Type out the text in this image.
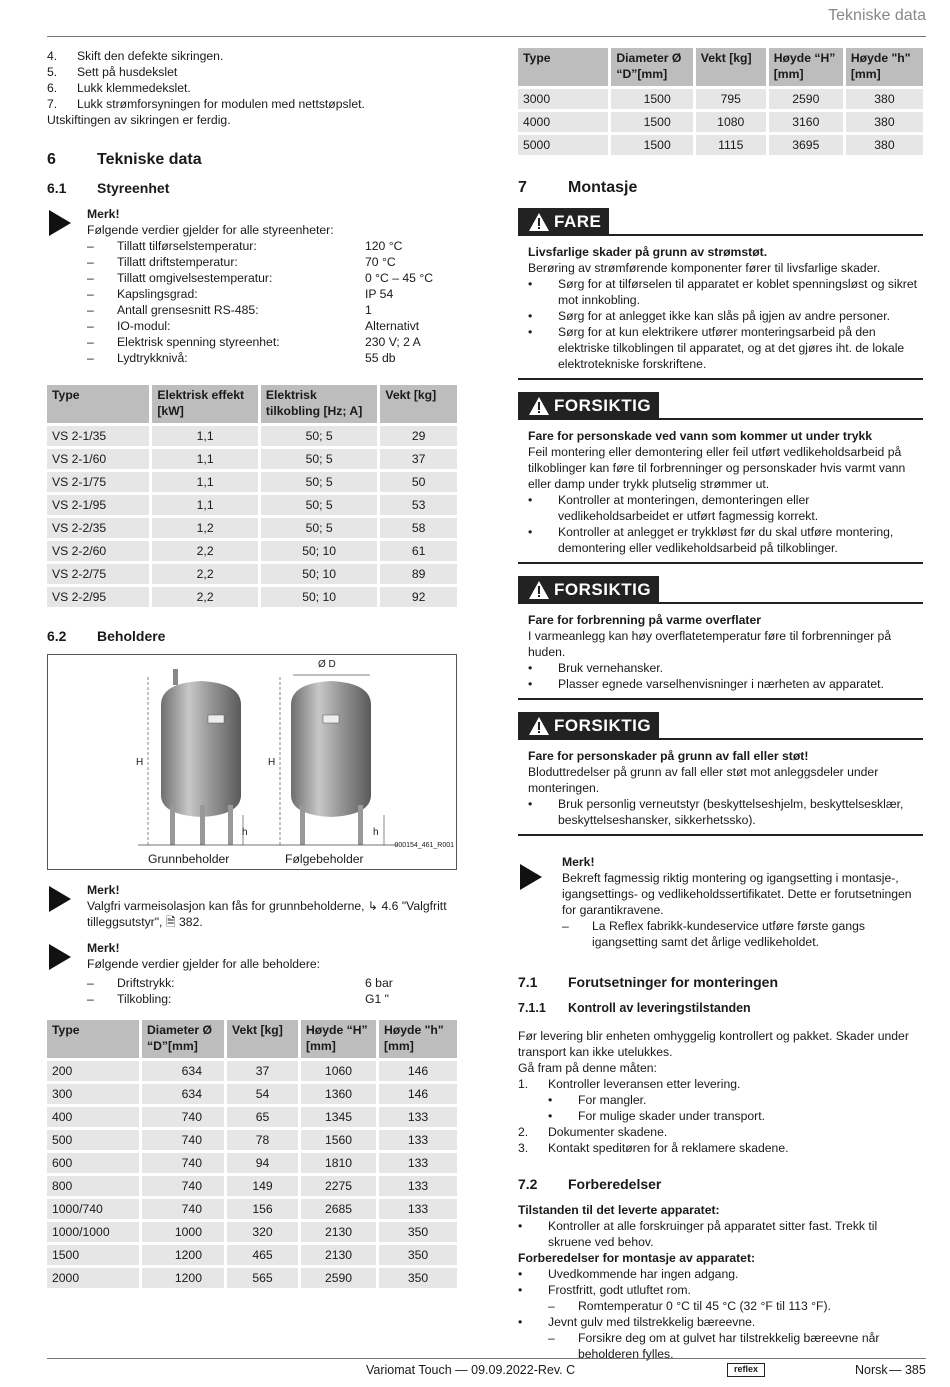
Tekniske data
4.	Skift den defekte sikringen.
5.	Sett på husdekslet
6.	Lukk klemmedekslet.
7.	Lukk strømforsyningen for modulen med nettstøpslet.
Utskiftingen av sikringen er ferdig.
6	Tekniske data
6.1	Styreenhet
Merk!
Følgende verdier gjelder for alle styreenheter:
–	Tillatt tilførselstemperatur:	120 °C
–	Tillatt driftstemperatur:	70 °C
–	Tillatt omgivelsestemperatur:	0 °C – 45 °C
–	Kapslingsgrad:	IP 54
–	Antall grensesnitt RS-485:	1
–	IO-modul:	Alternativt
–	Elektrisk spenning styreenhet:	230 V; 2 A
–	Lydtrykknivå:	55 db
Type	Elektrisk effekt [kW]	Elektrisk tilkobling [Hz; A]	Vekt [kg]
VS 2-1/35	1,1	50; 5	29
VS 2-1/60	1,1	50; 5	37
VS 2-1/75	1,1	50; 5	50
VS 2-1/95	1,1	50; 5	53
VS 2-2/35	1,2	50; 5	58
VS 2-2/60	2,2	50; 10	61
VS 2-2/75	2,2	50; 10	89
VS 2-2/95	2,2	50; 10	92
6.2	Beholdere
Ø D
H	H
h	h
000154_461_R001
Grunnbeholder	Følgebeholder
Merk!
Valgfri varmeisolasjon kan fås for grunnbeholderne, ↳ 4.6 "Valgfritt tilleggsutstyr", 🗎 382.
Merk!
Følgende verdier gjelder for alle beholdere:
–	Driftstrykk:	6 bar
–	Tilkobling:	G1 "
Type	Diameter Ø “D”[mm]	Vekt [kg]	Høyde “H” [mm]	Høyde "h" [mm]
200	634	37	1060	146
300	634	54	1360	146
400	740	65	1345	133
500	740	78	1560	133
600	740	94	1810	133
800	740	149	2275	133
1000/740	740	156	2685	133
1000/1000	1000	320	2130	350
1500	1200	465	2130	350
2000	1200	565	2590	350
Type	Diameter Ø “D”[mm]	Vekt [kg]	Høyde “H” [mm]	Høyde "h" [mm]
3000	1500	795	2590	380
4000	1500	1080	3160	380
5000	1500	1115	3695	380
7	Montasje
FARE
Livsfarlige skader på grunn av strømstøt.
Berøring av strømførende komponenter fører til livsfarlige skader.
•	Sørg for at tilførselen til apparatet er koblet spenningsløst og sikret mot innkobling.
•	Sørg for at anlegget ikke kan slås på igjen av andre personer.
•	Sørg for at kun elektrikere utfører monteringsarbeid på den elektriske tilkoblingen til apparatet, og at det gjøres iht. de lokale elektrotekniske forskriftene.
FORSIKTIG
Fare for personskade ved vann som kommer ut under trykk
Feil montering eller demontering eller feil utført vedlikeholdsarbeid på tilkoblinger kan føre til forbrenninger og personskader hvis varmt vann eller damp under trykk plutselig strømmer ut.
•	Kontroller at monteringen, demonteringen eller vedlikeholdsarbeidet er utført fagmessig korrekt.
•	Kontroller at anlegget er trykkløst før du skal utføre montering, demontering eller vedlikeholdsarbeid på tilkoblinger.
FORSIKTIG
Fare for forbrenning på varme overflater
I varmeanlegg kan høy overflatetemperatur føre til forbrenninger på huden.
•	Bruk vernehansker.
•	Plasser egnede varselhenvisninger i nærheten av apparatet.
FORSIKTIG
Fare for personskader på grunn av fall eller støt!
Bloduttredelser på grunn av fall eller støt mot anleggsdeler under monteringen.
•	Bruk personlig verneutstyr (beskyttelseshjelm, beskyttelsesklær, beskyttelseshansker, sikkerhetssko).
Merk!
Bekreft fagmessig riktig montering og igangsetting i montasje-, igangsettings- og vedlikeholdssertifikatet. Dette er forutsetningen for garantikravene.
–	La Reflex fabrikk-kundeservice utføre første gangs igangsetting samt det årlige vedlikeholdet.
7.1	Forutsetninger for monteringen
7.1.1	Kontroll av leveringstilstanden
Før levering blir enheten omhyggelig kontrollert og pakket. Skader under transport kan ikke utelukkes.
Gå fram på denne måten:
1.	Kontroller leveransen etter levering.
•	For mangler.
•	For mulige skader under transport.
2.	Dokumenter skadene.
3.	Kontakt speditøren for å reklamere skadene.
7.2	Forberedelser
Tilstanden til det leverte apparatet:
•	Kontroller at alle forskruinger på apparatet sitter fast. Trekk til skruene ved behov.
Forberedelser for montasje av apparatet:
•	Uvedkommende har ingen adgang.
•	Frostfritt, godt utluftet rom.
–	Romtemperatur 0 °C til 45 °C (32 °F til 113 °F).
•	Jevnt gulv med tilstrekkelig bæreevne.
–	Forsikre deg om at gulvet har tilstrekkelig bæreevne når beholderen fylles.
Variomat Touch — 09.09.2022-Rev. C	reflex	Norsk — 385
